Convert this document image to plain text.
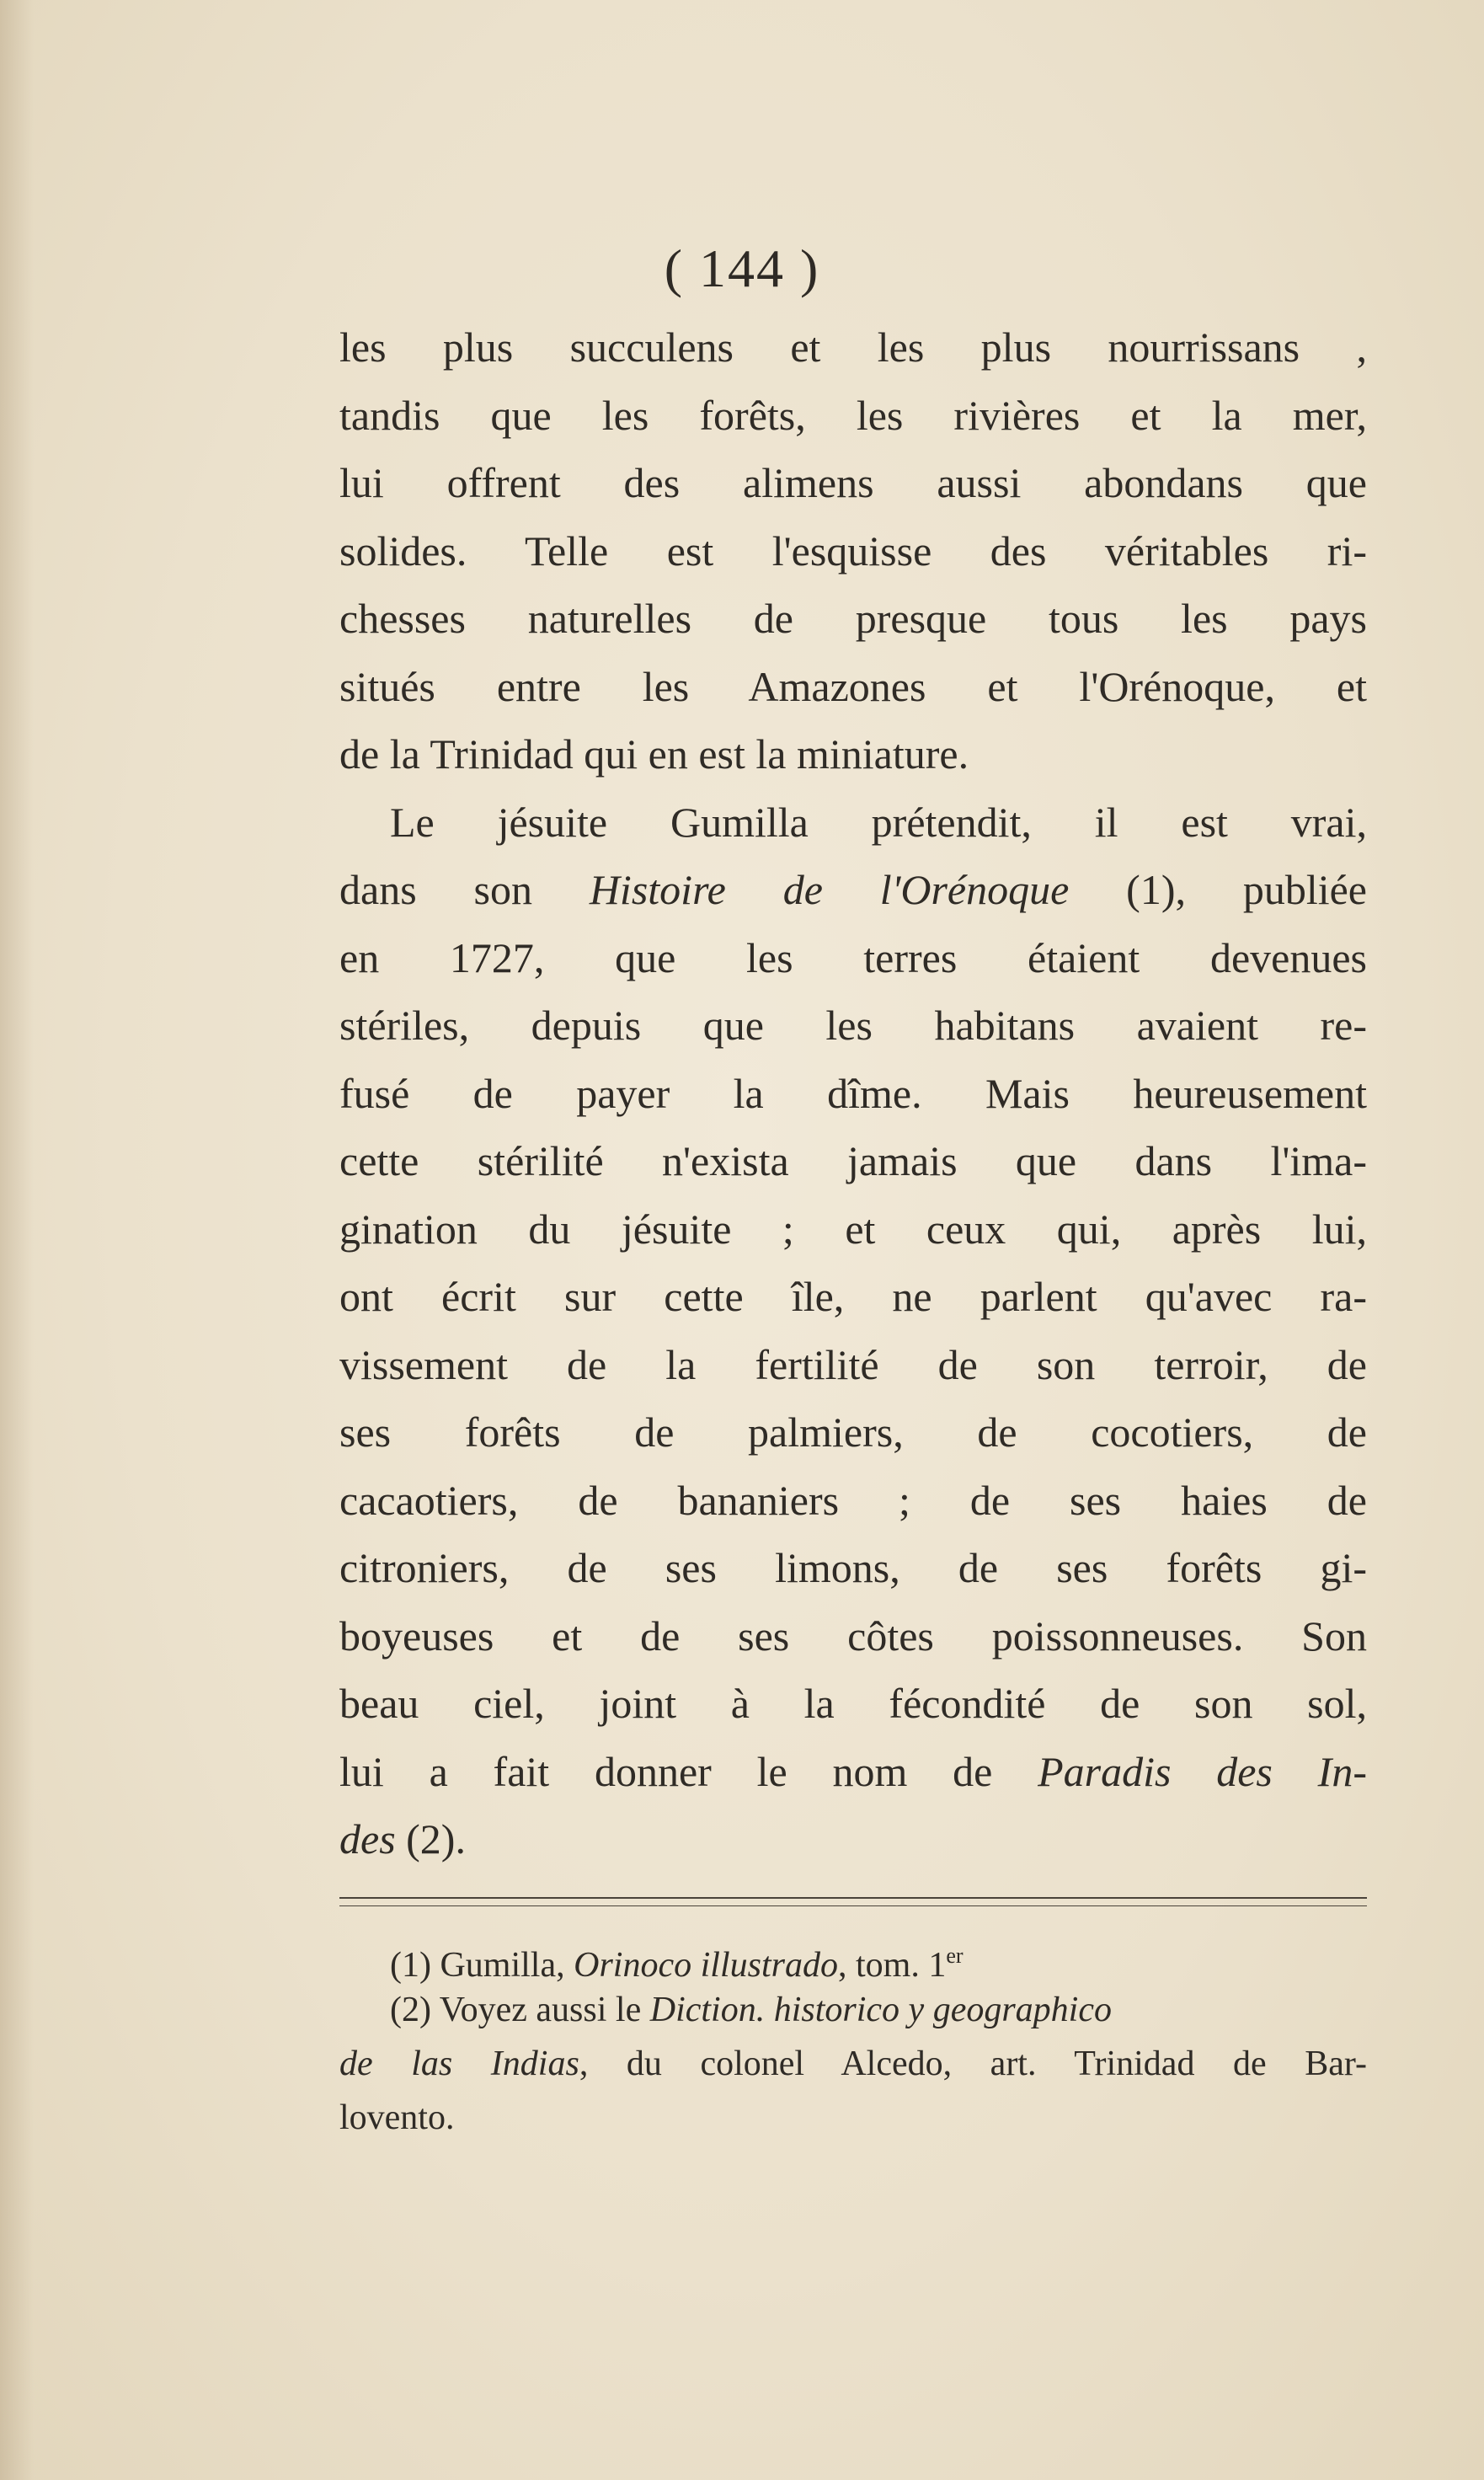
( 144 )
les plus succulens et les plus nourrissans ,
tandis que les forêts, les rivières et la mer,
lui offrent des alimens aussi abondans que
solides. Telle est l'esquisse des véritables ri-
chesses naturelles de presque tous les pays
situés entre les Amazones et l'Orénoque, et
de la Trinidad qui en est la miniature.
Le jésuite Gumilla prétendit, il est vrai,
dans son Histoire de l'Orénoque (1), publiée
en 1727, que les terres étaient devenues
stériles, depuis que les habitans avaient re-
fusé de payer la dîme. Mais heureusement
cette stérilité n'exista jamais que dans l'ima-
gination du jésuite ; et ceux qui, après lui,
ont écrit sur cette île, ne parlent qu'avec ra-
vissement de la fertilité de son terroir, de
ses forêts de palmiers, de cocotiers, de
cacaotiers, de bananiers ; de ses haies de
citroniers, de ses limons, de ses forêts gi-
boyeuses et de ses côtes poissonneuses. Son
beau ciel, joint à la fécondité de son sol,
lui a fait donner le nom de Paradis des In-
des (2).
(1) Gumilla, Orinoco illustrado, tom. 1er
(2) Voyez aussi le Diction. historico y geographico
de las Indias, du colonel Alcedo, art. Trinidad de Bar-
lovento.
